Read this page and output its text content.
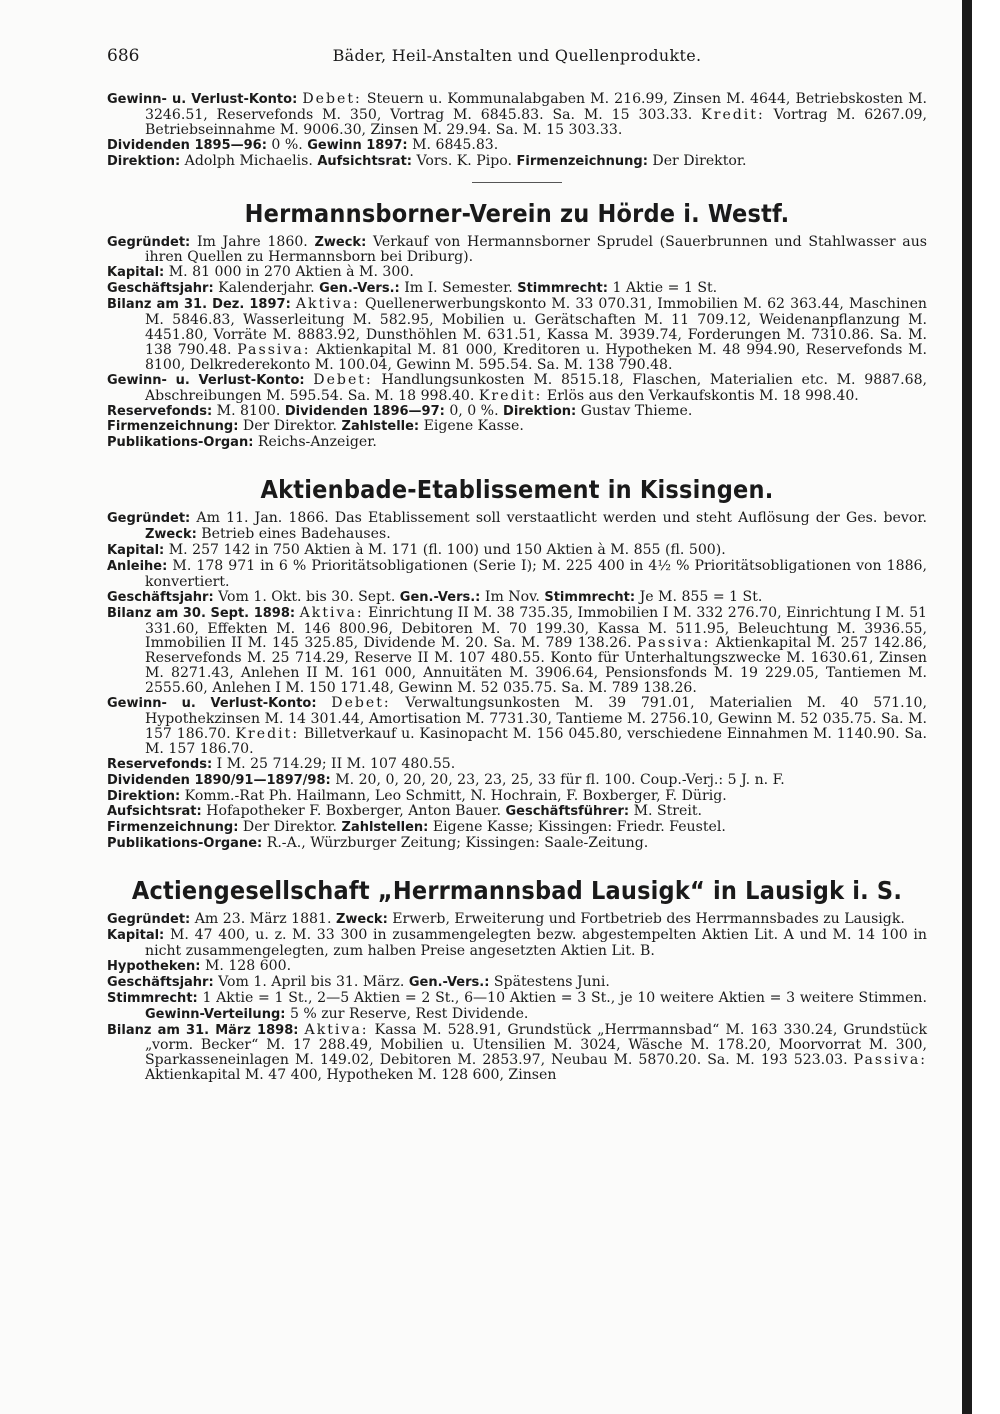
686	Bäder, Heil-Anstalten und Quellenprodukte.

Gewinn- u. Verlust-Konto: Debet: Steuern u. Kommunalabgaben M. 216.99, Zinsen M. 4644, Betriebskosten M. 3246.51, Reservefonds M. 350, Vortrag M. 6845.83. Sa. M. 15 303.33. Kredit: Vortrag M. 6267.09, Betriebseinnahme M. 9006.30, Zinsen M. 29.94. Sa. M. 15 303.33.

Dividenden 1895—96: 0 %. Gewinn 1897: M. 6845.83.

Direktion: Adolph Michaelis. Aufsichtsrat: Vors. K. Pipo. Firmenzeichnung: Der Direktor.

Hermannsborner-Verein zu Hörde i. Westf.

Gegründet: Im Jahre 1860. Zweck: Verkauf von Hermannsborner Sprudel (Sauerbrunnen und Stahlwasser aus ihren Quellen zu Hermannsborn bei Driburg).

Kapital: M. 81 000 in 270 Aktien à M. 300.

Geschäftsjahr: Kalenderjahr. Gen.-Vers.: Im I. Semester. Stimmrecht: 1 Aktie = 1 St.

Bilanz am 31. Dez. 1897: Aktiva: Quellenerwerbungskonto M. 33 070.31, Immobilien M. 62 363.44, Maschinen M. 5846.83, Wasserleitung M. 582.95, Mobilien u. Gerätschaften M. 11 709.12, Weidenanpflanzung M. 4451.80, Vorräte M. 8883.92, Dunsthöhlen M. 631.51, Kassa M. 3939.74, Forderungen M. 7310.86. Sa. M. 138 790.48. Passiva: Aktienkapital M. 81 000, Kreditoren u. Hypotheken M. 48 994.90, Reservefonds M. 8100, Delkrederekonto M. 100.04, Gewinn M. 595.54. Sa. M. 138 790.48.

Gewinn- u. Verlust-Konto: Debet: Handlungsunkosten M. 8515.18, Flaschen, Materialien etc. M. 9887.68, Abschreibungen M. 595.54. Sa. M. 18 998.40. Kredit: Erlös aus den Verkaufskontis M. 18 998.40.

Reservefonds: M. 8100. Dividenden 1896—97: 0, 0 %. Direktion: Gustav Thieme.

Firmenzeichnung: Der Direktor. Zahlstelle: Eigene Kasse.

Publikations-Organ: Reichs-Anzeiger.

Aktienbade-Etablissement in Kissingen.

Gegründet: Am 11. Jan. 1866. Das Etablissement soll verstaatlicht werden und steht Auflösung der Ges. bevor. Zweck: Betrieb eines Badehauses.

Kapital: M. 257 142 in 750 Aktien à M. 171 (fl. 100) und 150 Aktien à M. 855 (fl. 500).

Anleihe: M. 178 971 in 6 % Prioritätsobligationen (Serie I); M. 225 400 in 4½ % Prioritätsobligationen von 1886, konvertiert.

Geschäftsjahr: Vom 1. Okt. bis 30. Sept. Gen.-Vers.: Im Nov. Stimmrecht: Je M. 855 = 1 St.

Bilanz am 30. Sept. 1898: Aktiva: Einrichtung II M. 38 735.35, Immobilien I M. 332 276.70, Einrichtung I M. 51 331.60, Effekten M. 146 800.96, Debitoren M. 70 199.30, Kassa M. 511.95, Beleuchtung M. 3936.55, Immobilien II M. 145 325.85, Dividende M. 20. Sa. M. 789 138.26. Passiva: Aktienkapital M. 257 142.86, Reservefonds M. 25 714.29, Reserve II M. 107 480.55. Konto für Unterhaltungszwecke M. 1630.61, Zinsen M. 8271.43, Anlehen II M. 161 000, Annuitäten M. 3906.64, Pensionsfonds M. 19 229.05, Tantiemen M. 2555.60, Anlehen I M. 150 171.48, Gewinn M. 52 035.75. Sa. M. 789 138.26.

Gewinn- u. Verlust-Konto: Debet: Verwaltungsunkosten M. 39 791.01, Materialien M. 40 571.10, Hypothekzinsen M. 14 301.44, Amortisation M. 7731.30, Tantieme M. 2756.10, Gewinn M. 52 035.75. Sa. M. 157 186.70. Kredit: Billetverkauf u. Kasinopacht M. 156 045.80, verschiedene Einnahmen M. 1140.90. Sa. M. 157 186.70.

Reservefonds: I M. 25 714.29; II M. 107 480.55.

Dividenden 1890/91—1897/98: M. 20, 0, 20, 20, 23, 23, 25, 33 für fl. 100. Coup.-Verj.: 5 J. n. F.

Direktion: Komm.-Rat Ph. Hailmann, Leo Schmitt, N. Hochrain, F. Boxberger, F. Dürig.

Aufsichtsrat: Hofapotheker F. Boxberger, Anton Bauer. Geschäftsführer: M. Streit.

Firmenzeichnung: Der Direktor. Zahlstellen: Eigene Kasse; Kissingen: Friedr. Feustel.

Publikations-Organe: R.-A., Würzburger Zeitung; Kissingen: Saale-Zeitung.

Actiengesellschaft „Herrmannsbad Lausigk“ in Lausigk i. S.

Gegründet: Am 23. März 1881. Zweck: Erwerb, Erweiterung und Fortbetrieb des Herrmannsbades zu Lausigk.

Kapital: M. 47 400, u. z. M. 33 300 in zusammengelegten bezw. abgestempelten Aktien Lit. A und M. 14 100 in nicht zusammengelegten, zum halben Preise angesetzten Aktien Lit. B.

Hypotheken: M. 128 600.

Geschäftsjahr: Vom 1. April bis 31. März. Gen.-Vers.: Spätestens Juni.

Stimmrecht: 1 Aktie = 1 St., 2—5 Aktien = 2 St., 6—10 Aktien = 3 St., je 10 weitere Aktien = 3 weitere Stimmen. Gewinn-Verteilung: 5 % zur Reserve, Rest Dividende.

Bilanz am 31. März 1898: Aktiva: Kassa M. 528.91, Grundstück „Herrmannsbad“ M. 163 330.24, Grundstück „vorm. Becker“ M. 17 288.49, Mobilien u. Utensilien M. 3024, Wäsche M. 178.20, Moorvorrat M. 300, Sparkasseneinlagen M. 149.02, Debitoren M. 2853.97, Neubau M. 5870.20. Sa. M. 193 523.03. Passiva: Aktienkapital M. 47 400, Hypotheken M. 128 600, Zinsen
